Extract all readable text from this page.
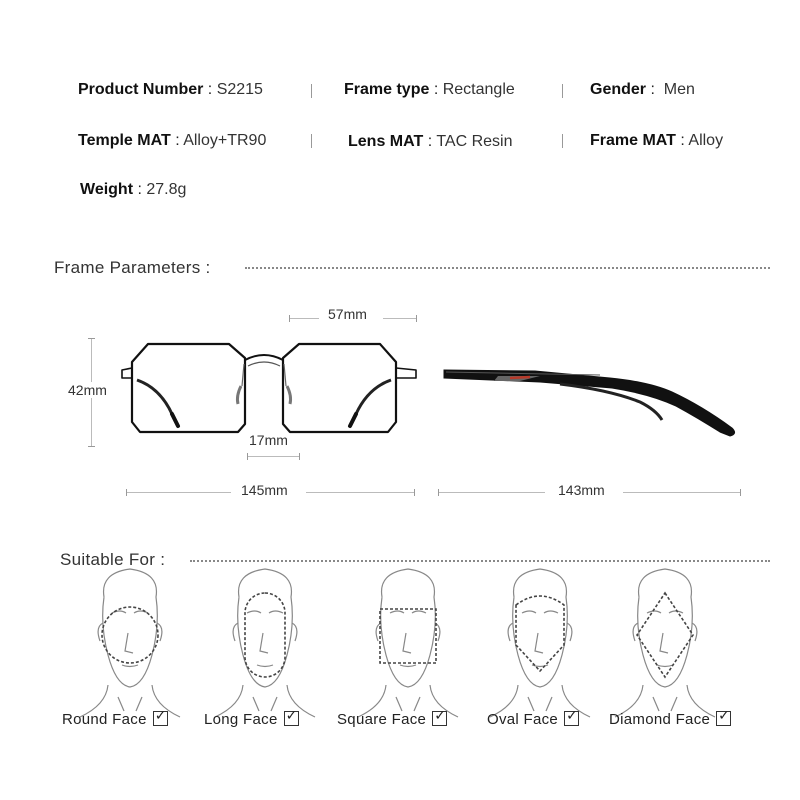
Product Number : S2215	Frame type : Rectangle	Gender :  Men
Temple MAT : Alloy+TR90	Lens MAT : TAC Resin	Frame MAT : Alloy
Weight : 27.8g
Frame Parameters :
57mm
42mm
17mm
145mm	143mm
Suitable For :
Round Face ✓	Long Face ✓	Square Face ✓	Oval Face ✓	Diamond Face✓
